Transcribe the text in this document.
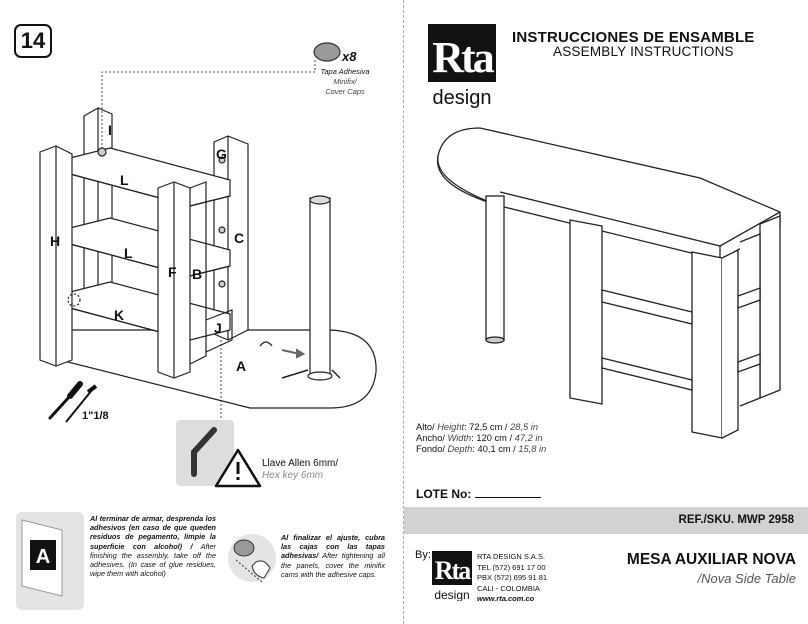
14
x8
Tapa Adhesiva
Minifix/
Cover Caps
A
I
G
L
H	C
L
F B
K
J
A
1"1/8
Llave Allen 6mm/
Hex key 6mm
Al terminar de armar, desprenda los adhesivos (en caso de que queden residuos de pegamento, limpie la superficie con alcohol) / After finishing the assembly, take off the adhesives. (In case of glue residues, wipe them with alcohol)
Al finalizar el ajuste, cubra las cajas con las tapas adhesivas/ After tightening all the panels, cover the minifix cams with the adhesive caps.
Rta
design
INSTRUCCIONES DE ENSAMBLE
ASSEMBLY INSTRUCTIONS
Alto/ Height: 72,5 cm / 28,5 in
Ancho/ Width: 120 cm / 47,2 in
Fondo/ Depth: 40,1 cm / 15,8 in
LOTE No:
REF./SKU. MWP 2958
By:
Rta
design
RTA DESIGN S.A.S.
TEL (572) 691 17 00
PBX (572) 695 91 81
CALI - COLOMBIA
www.rta.com.co
MESA AUXILIAR NOVA
/Nova Side Table
